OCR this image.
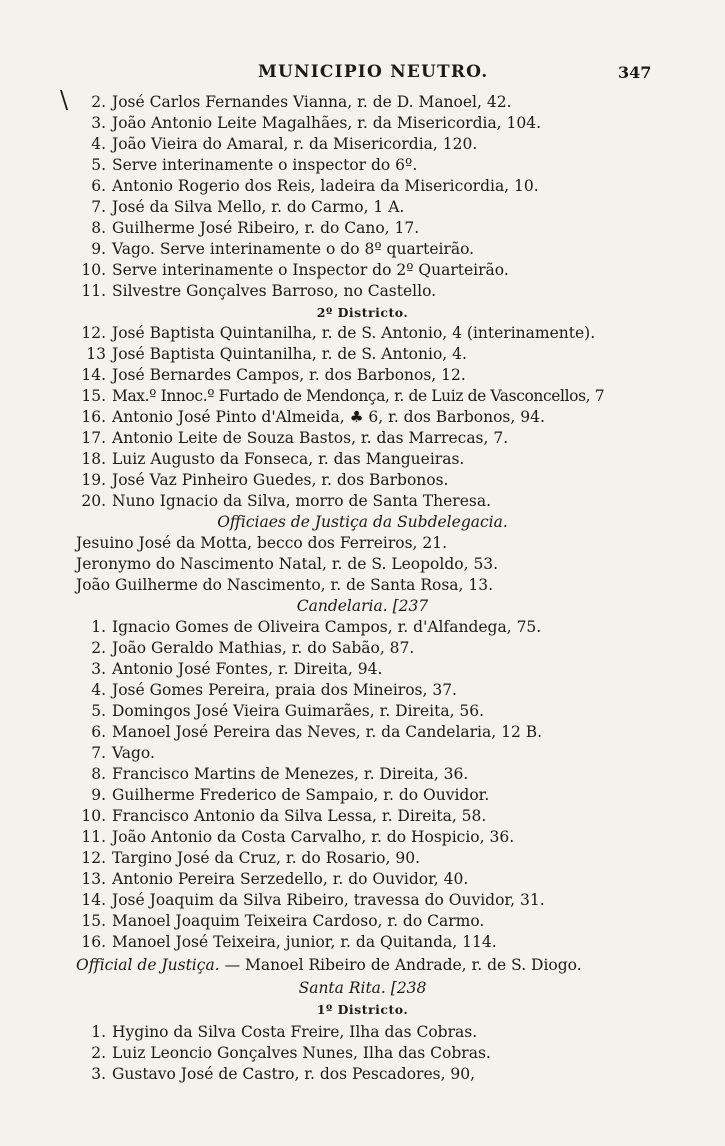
MUNICIPIO NEUTRO.	347
\ 2. José Carlos Fernandes Vianna, r. de D. Manoel, 42.
3. João Antonio Leite Magalhães, r. da Misericordia, 104.
4. João Vieira do Amaral, r. da Misericordia, 120.
5. Serve interinamente o inspector do 6º.
6. Antonio Rogerio dos Reis, ladeira da Misericordia, 10.
7. José da Silva Mello, r. do Carmo, 1 A.
8. Guilherme José Ribeiro, r. do Cano, 17.
9. Vago. Serve interinamente o do 8º quarteirão.
10. Serve interinamente o Inspector do 2º Quarteirão.
11. Silvestre Gonçalves Barroso, no Castello.
2º Districto.
12. José Baptista Quintanilha, r. de S. Antonio, 4 (interinamente).
13 José Baptista Quintanilha, r. de S. Antonio, 4.
14. José Bernardes Campos, r. dos Barbonos, 12.
15. Max.º Innoc.º Furtado de Mendonça, r. de Luiz de Vasconcellos, 7
16. Antonio José Pinto d'Almeida, ♣ 6, r. dos Barbonos, 94.
17. Antonio Leite de Souza Bastos, r. das Marrecas, 7.
18. Luiz Augusto da Fonseca, r. das Mangueiras.
19. José Vaz Pinheiro Guedes, r. dos Barbonos.
20. Nuno Ignacio da Silva, morro de Santa Theresa.
Officiaes de Justiça da Subdelegacia.
Jesuino José da Motta, becco dos Ferreiros, 21.
Jeronymo do Nascimento Natal, r. de S. Leopoldo, 53.
João Guilherme do Nascimento, r. de Santa Rosa, 13.
Candelaria. [237
1. Ignacio Gomes de Oliveira Campos, r. d'Alfandega, 75.
2. João Geraldo Mathias, r. do Sabão, 87.
3. Antonio José Fontes, r. Direita, 94.
4. José Gomes Pereira, praia dos Mineiros, 37.
5. Domingos José Vieira Guimarães, r. Direita, 56.
6. Manoel José Pereira das Neves, r. da Candelaria, 12 B.
7. Vago.
8. Francisco Martins de Menezes, r. Direita, 36.
9. Guilherme Frederico de Sampaio, r. do Ouvidor.
10. Francisco Antonio da Silva Lessa, r. Direita, 58.
11. João Antonio da Costa Carvalho, r. do Hospicio, 36.
12. Targino José da Cruz, r. do Rosario, 90.
13. Antonio Pereira Serzedello, r. do Ouvidor, 40.
14. José Joaquim da Silva Ribeiro, travessa do Ouvidor, 31.
15. Manoel Joaquim Teixeira Cardoso, r. do Carmo.
16. Manoel José Teixeira, junior, r. da Quitanda, 114.
Official de Justiça. — Manoel Ribeiro de Andrade, r. de S. Diogo.
Santa Rita. [238
1º Districto.
1. Hygino da Silva Costa Freire, Ilha das Cobras.
2. Luiz Leoncio Gonçalves Nunes, Ilha das Cobras.
3. Gustavo José de Castro, r. dos Pescadores, 90,
